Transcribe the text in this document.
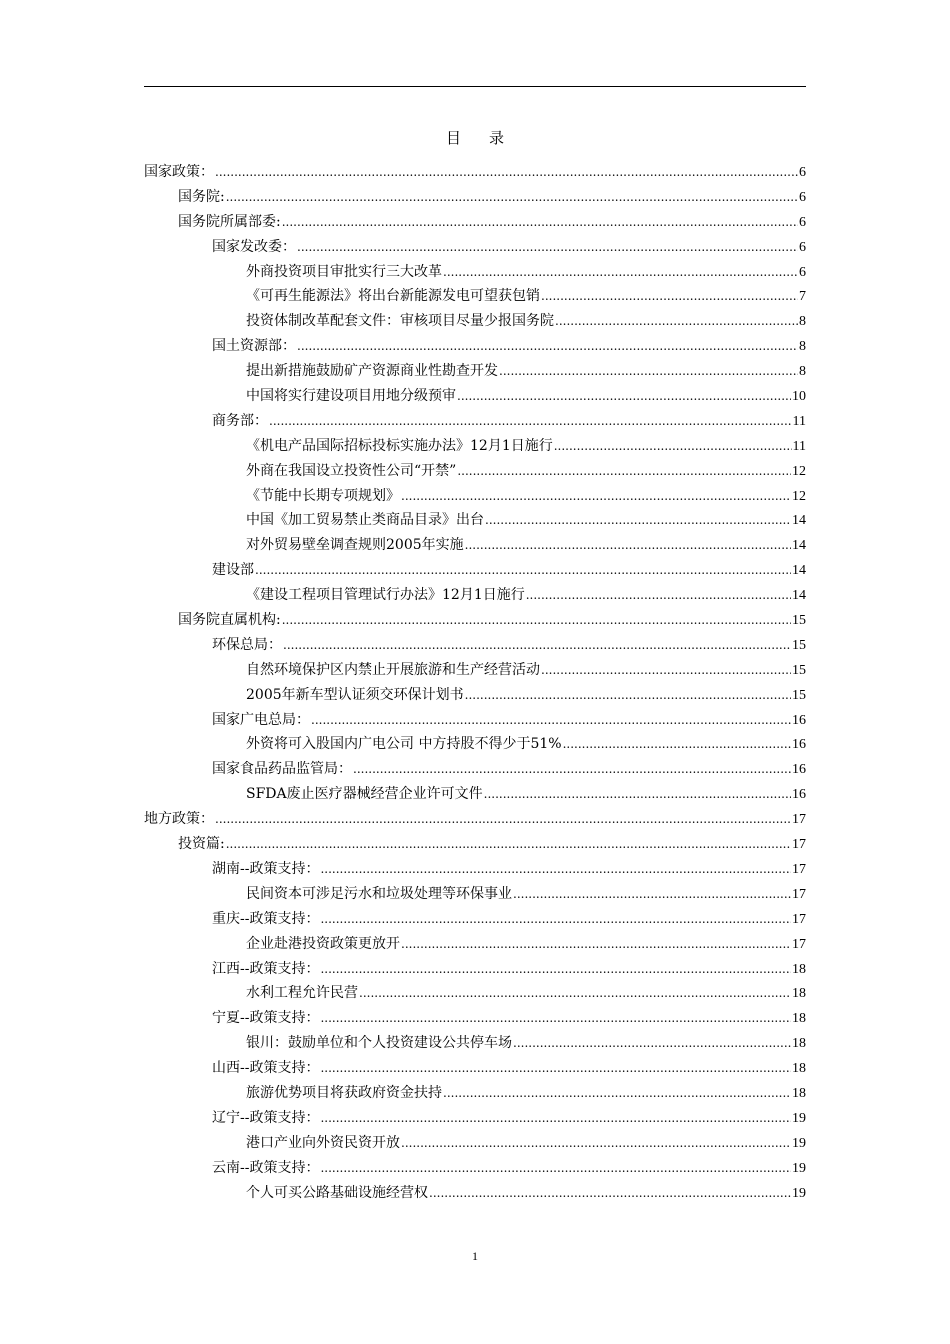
目 录
国家政策： .....	6
国务院: .....	6
国务院所属部委: .....	6
国家发改委： .....	6
外商投资项目审批实行三大改革 .....	6
《可再生能源法》将出台新能源发电可望获包销 .....	7
投资体制改革配套文件：审核项目尽量少报国务院 .....	8
国土资源部： .....	8
提出新措施鼓励矿产资源商业性勘查开发 .....	8
中国将实行建设项目用地分级预审 .....	10
商务部： .....	11
《机电产品国际招标投标实施办法》12月1日施行 .....	11
外商在我国设立投资性公司“开禁” .....	12
《节能中长期专项规划》 .....	12
中国《加工贸易禁止类商品目录》出台 .....	14
对外贸易壁垒调查规则2005年实施 .....	14
建设部 .....	14
《建设工程项目管理试行办法》12月1日施行 .....	14
国务院直属机构: .....	15
环保总局： .....	15
自然环境保护区内禁止开展旅游和生产经营活动 .....	15
2005年新车型认证须交环保计划书 .....	15
国家广电总局： .....	16
外资将可入股国内广电公司 中方持股不得少于51% .....	16
国家食品药品监管局： .....	16
SFDA废止医疗器械经营企业许可文件 .....	16
地方政策： .....	17
投资篇: .....	17
湖南--政策支持： .....	17
民间资本可涉足污水和垃圾处理等环保事业 .....	17
重庆--政策支持： .....	17
企业赴港投资政策更放开 .....	17
江西--政策支持： .....	18
水利工程允许民营 .....	18
宁夏--政策支持： .....	18
银川：鼓励单位和个人投资建设公共停车场 .....	18
山西--政策支持： .....	18
旅游优势项目将获政府资金扶持 .....	18
辽宁--政策支持： .....	19
港口产业向外资民资开放 .....	19
云南--政策支持： .....	19
个人可买公路基础设施经营权 .....	19
1
